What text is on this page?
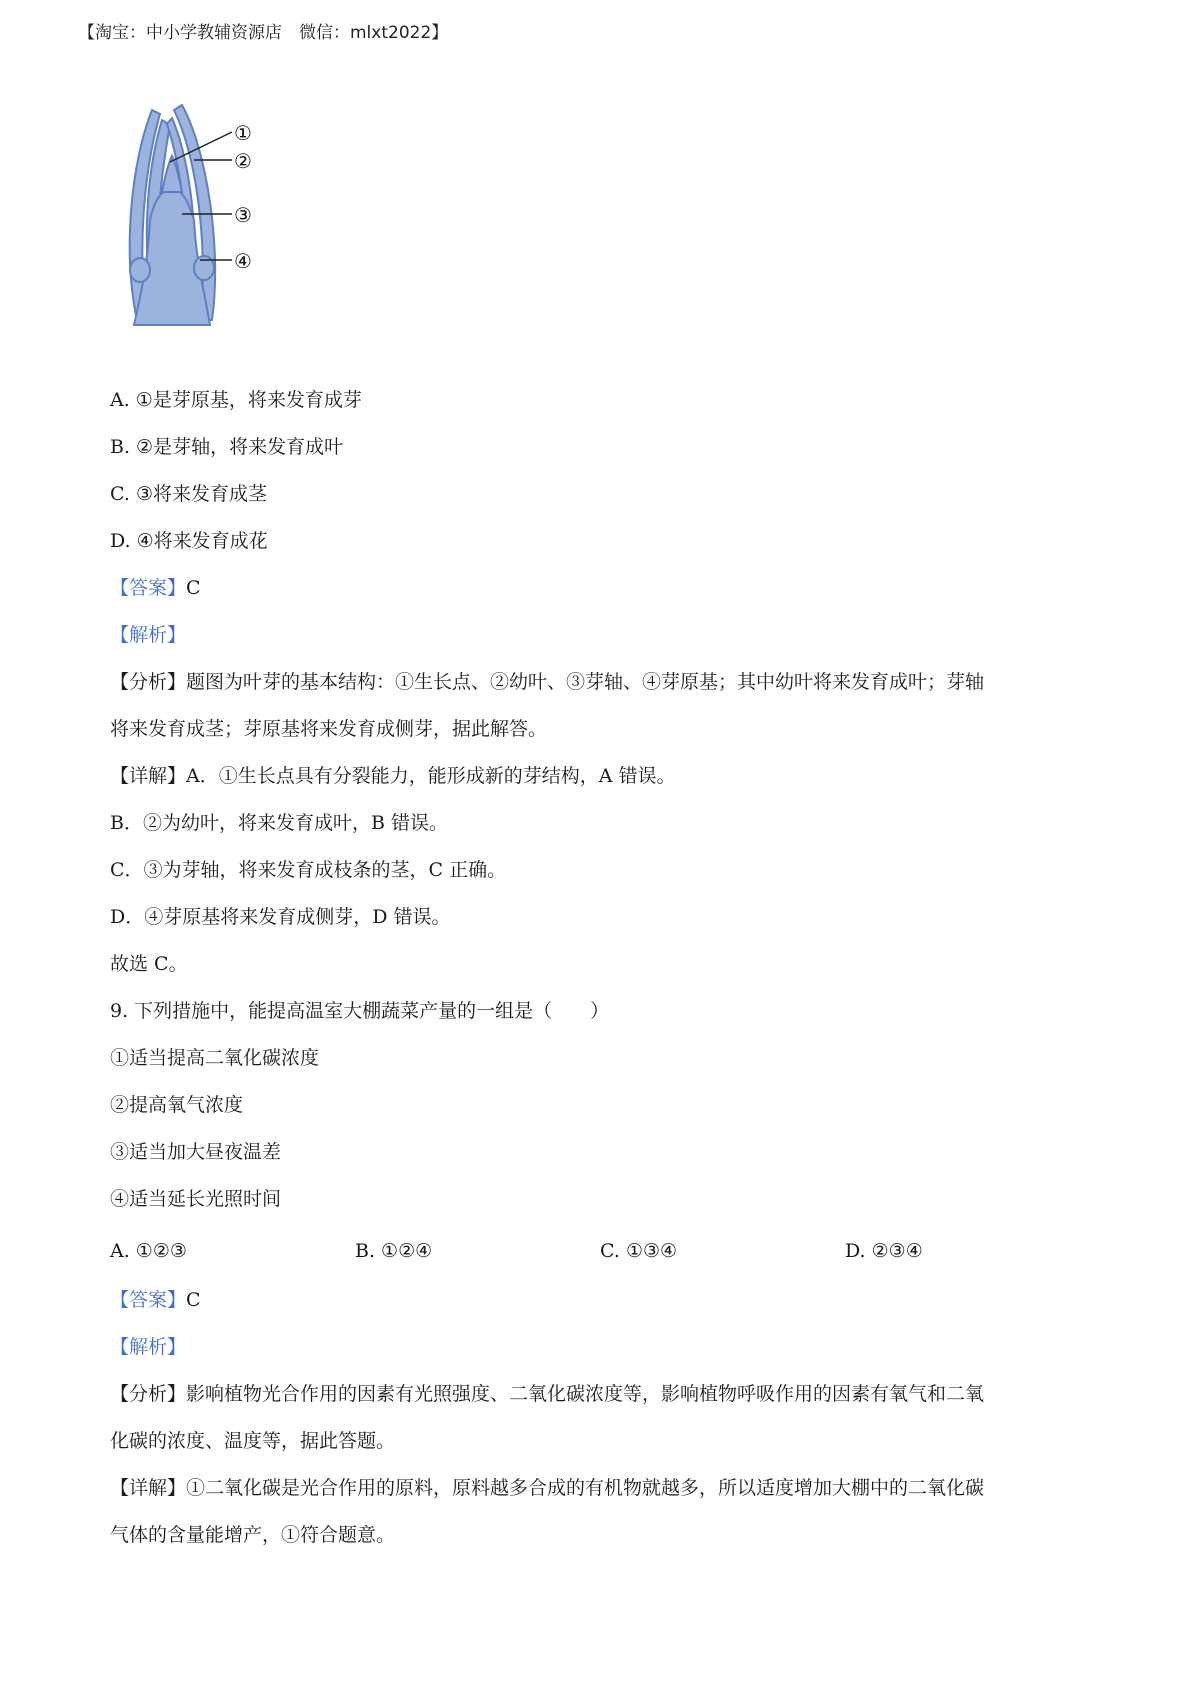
【淘宝：中小学教辅资源店　微信：mlxt2022】
①
②
③
④
A. ①是芽原基，将来发育成芽
B. ②是芽轴，将来发育成叶
C. ③将来发育成茎
D. ④将来发育成花
【答案】C
【解析】
【分析】题图为叶芽的基本结构：①生长点、②幼叶、③芽轴、④芽原基；其中幼叶将来发育成叶；芽轴
将来发育成茎；芽原基将来发育成侧芽，据此解答。
【详解】A．①生长点具有分裂能力，能形成新的芽结构，A 错误。
B．②为幼叶，将来发育成叶，B 错误。
C．③为芽轴，将来发育成枝条的茎，C 正确。
D．④芽原基将来发育成侧芽，D 错误。
故选 C。
9. 下列措施中，能提高温室大棚蔬菜产量的一组是（　　）
①适当提高二氧化碳浓度
②提高氧气浓度
③适当加大昼夜温差
④适当延长光照时间
A. ①②③	B. ①②④	C. ①③④	D. ②③④
【答案】C
【解析】
【分析】影响植物光合作用的因素有光照强度、二氧化碳浓度等，影响植物呼吸作用的因素有氧气和二氧
化碳的浓度、温度等，据此答题。
【详解】①二氧化碳是光合作用的原料，原料越多合成的有机物就越多，所以适度增加大棚中的二氧化碳
气体的含量能增产，①符合题意。
